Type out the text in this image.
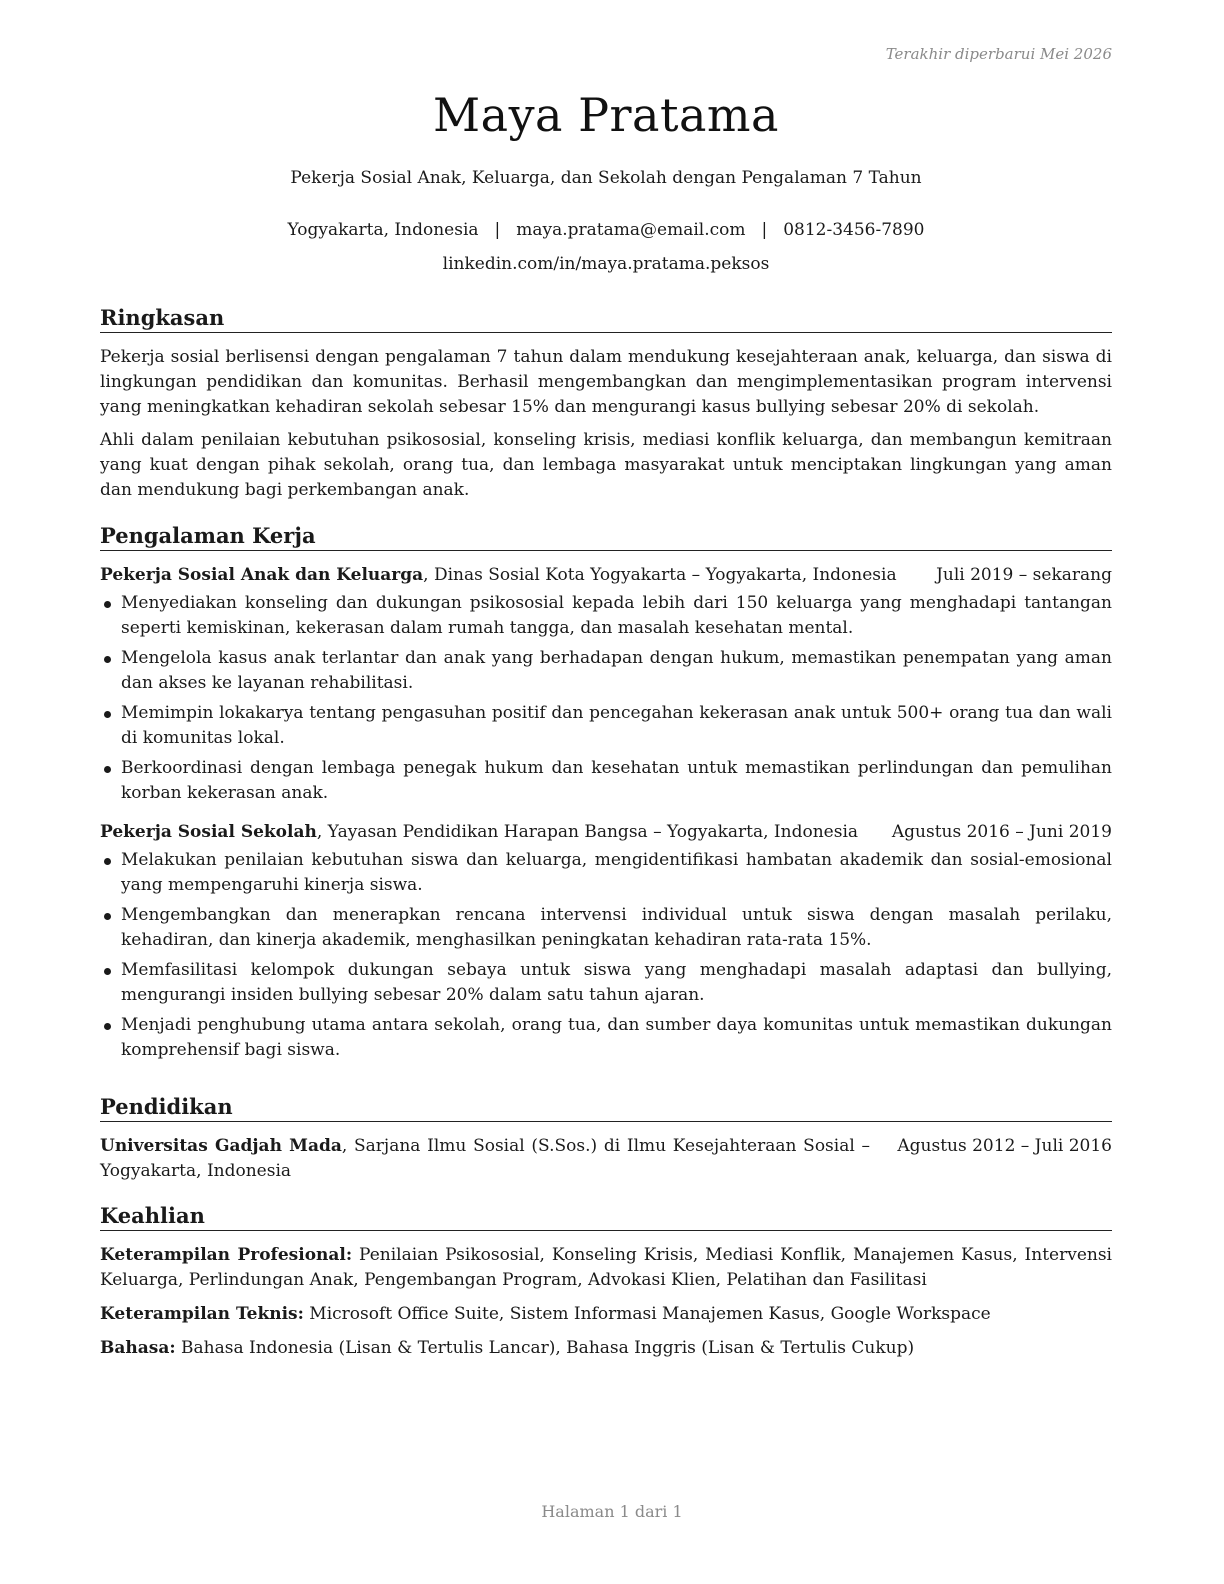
Terakhir diperbarui Mei 2026
Maya Pratama
Pekerja Sosial Anak, Keluarga, dan Sekolah dengan Pengalaman 7 Tahun
Yogyakarta, Indonesia | maya.pratama@email.com | 0812-3456-7890
linkedin.com/in/maya.pratama.peksos
Ringkasan

Pekerja sosial berlisensi dengan pengalaman 7 tahun dalam mendukung kesejahteraan anak, keluarga, dan siswa di lingkungan pendidikan dan komunitas. Berhasil mengembangkan dan mengimplementasikan program intervensi yang meningkatkan kehadiran sekolah sebesar 15% dan mengurangi kasus bullying sebesar 20% di sekolah.

Ahli dalam penilaian kebutuhan psikososial, konseling krisis, mediasi konflik keluarga, dan membangun kemitraan yang kuat dengan pihak sekolah, orang tua, dan lembaga masyarakat untuk menciptakan lingkungan yang aman dan mendukung bagi perkembangan anak.

Pengalaman Kerja
Pekerja Sosial Anak dan Keluarga, Dinas Sosial Kota Yogyakarta – Yogyakarta, Indonesia Juli 2019 – sekarang
Menyediakan konseling dan dukungan psikososial kepada lebih dari 150 keluarga yang menghadapi tantangan seperti kemiskinan, kekerasan dalam rumah tangga, dan masalah kesehatan mental.
Mengelola kasus anak terlantar dan anak yang berhadapan dengan hukum, memastikan penempatan yang aman dan akses ke layanan rehabilitasi.
Memimpin lokakarya tentang pengasuhan positif dan pencegahan kekerasan anak untuk 500+ orang tua dan wali di komunitas lokal.
Berkoordinasi dengan lembaga penegak hukum dan kesehatan untuk memastikan perlindungan dan pemulihan korban kekerasan anak.
Pekerja Sosial Sekolah, Yayasan Pendidikan Harapan Bangsa – Yogyakarta, Indonesia Agustus 2016 – Juni 2019
Melakukan penilaian kebutuhan siswa dan keluarga, mengidentifikasi hambatan akademik dan sosial-emosional yang mempengaruhi kinerja siswa.
Mengembangkan dan menerapkan rencana intervensi individual untuk siswa dengan masalah perilaku, kehadiran, dan kinerja akademik, menghasilkan peningkatan kehadiran rata-rata 15%.
Memfasilitasi kelompok dukungan sebaya untuk siswa yang menghadapi masalah adaptasi dan bullying, mengurangi insiden bullying sebesar 20% dalam satu tahun ajaran.
Menjadi penghubung utama antara sekolah, orang tua, dan sumber daya komunitas untuk memastikan dukungan komprehensif bagi siswa.
Pendidikan
Universitas Gadjah Mada, Sarjana Ilmu Sosial (S.Sos.) di Ilmu Kesejahteraan Sosial – Yogyakarta, Indonesia
Agustus 2012 – Juli 2016
Keahlian

Keterampilan Profesional: Penilaian Psikososial, Konseling Krisis, Mediasi Konflik, Manajemen Kasus, Intervensi Keluarga, Perlindungan Anak, Pengembangan Program, Advokasi Klien, Pelatihan dan Fasilitasi

Keterampilan Teknis: Microsoft Office Suite, Sistem Informasi Manajemen Kasus, Google Workspace

Bahasa: Bahasa Indonesia (Lisan & Tertulis Lancar), Bahasa Inggris (Lisan & Tertulis Cukup)

Halaman 1 dari 1
